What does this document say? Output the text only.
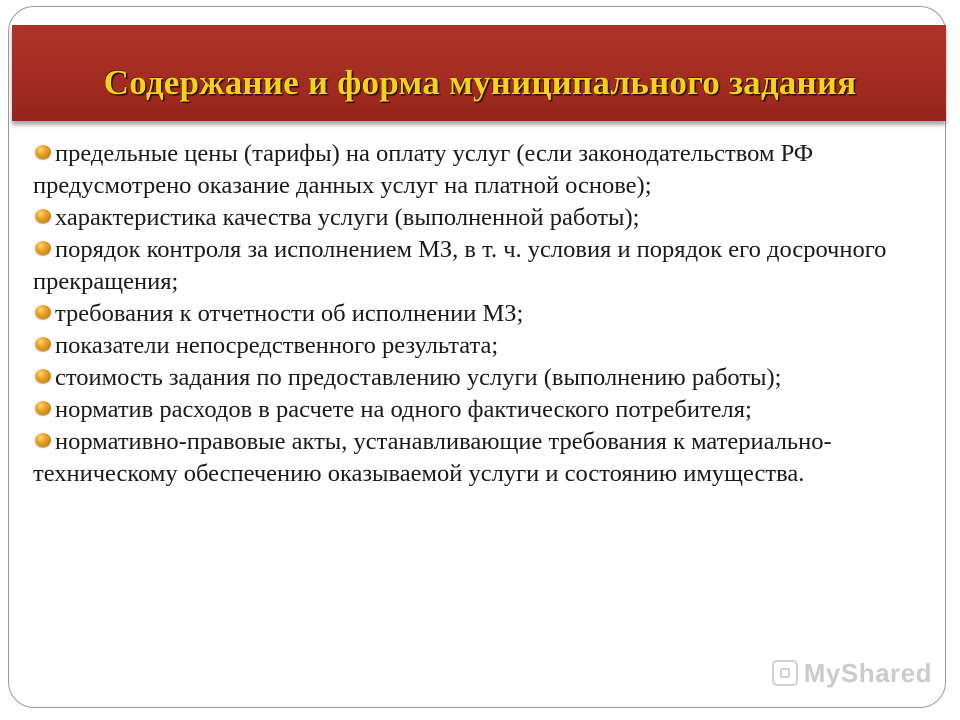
Содержание и форма муниципального задания
предельные цены (тарифы) на оплату услуг (если законодательством РФ предусмотрено оказание данных услуг на платной основе);
характеристика качества услуги (выполненной работы);
порядок контроля за исполнением МЗ, в т. ч. условия и порядок его досрочного прекращения;
требования к отчетности об исполнении МЗ;
показатели непосредственного результата;
стоимость задания по предоставлению услуги (выполнению работы);
норматив расходов в расчете на одного фактического потребителя;
нормативно-правовые акты, устанавливающие требования к материально-техническому обеспечению оказываемой услуги и состоянию имущества.
MyShared
